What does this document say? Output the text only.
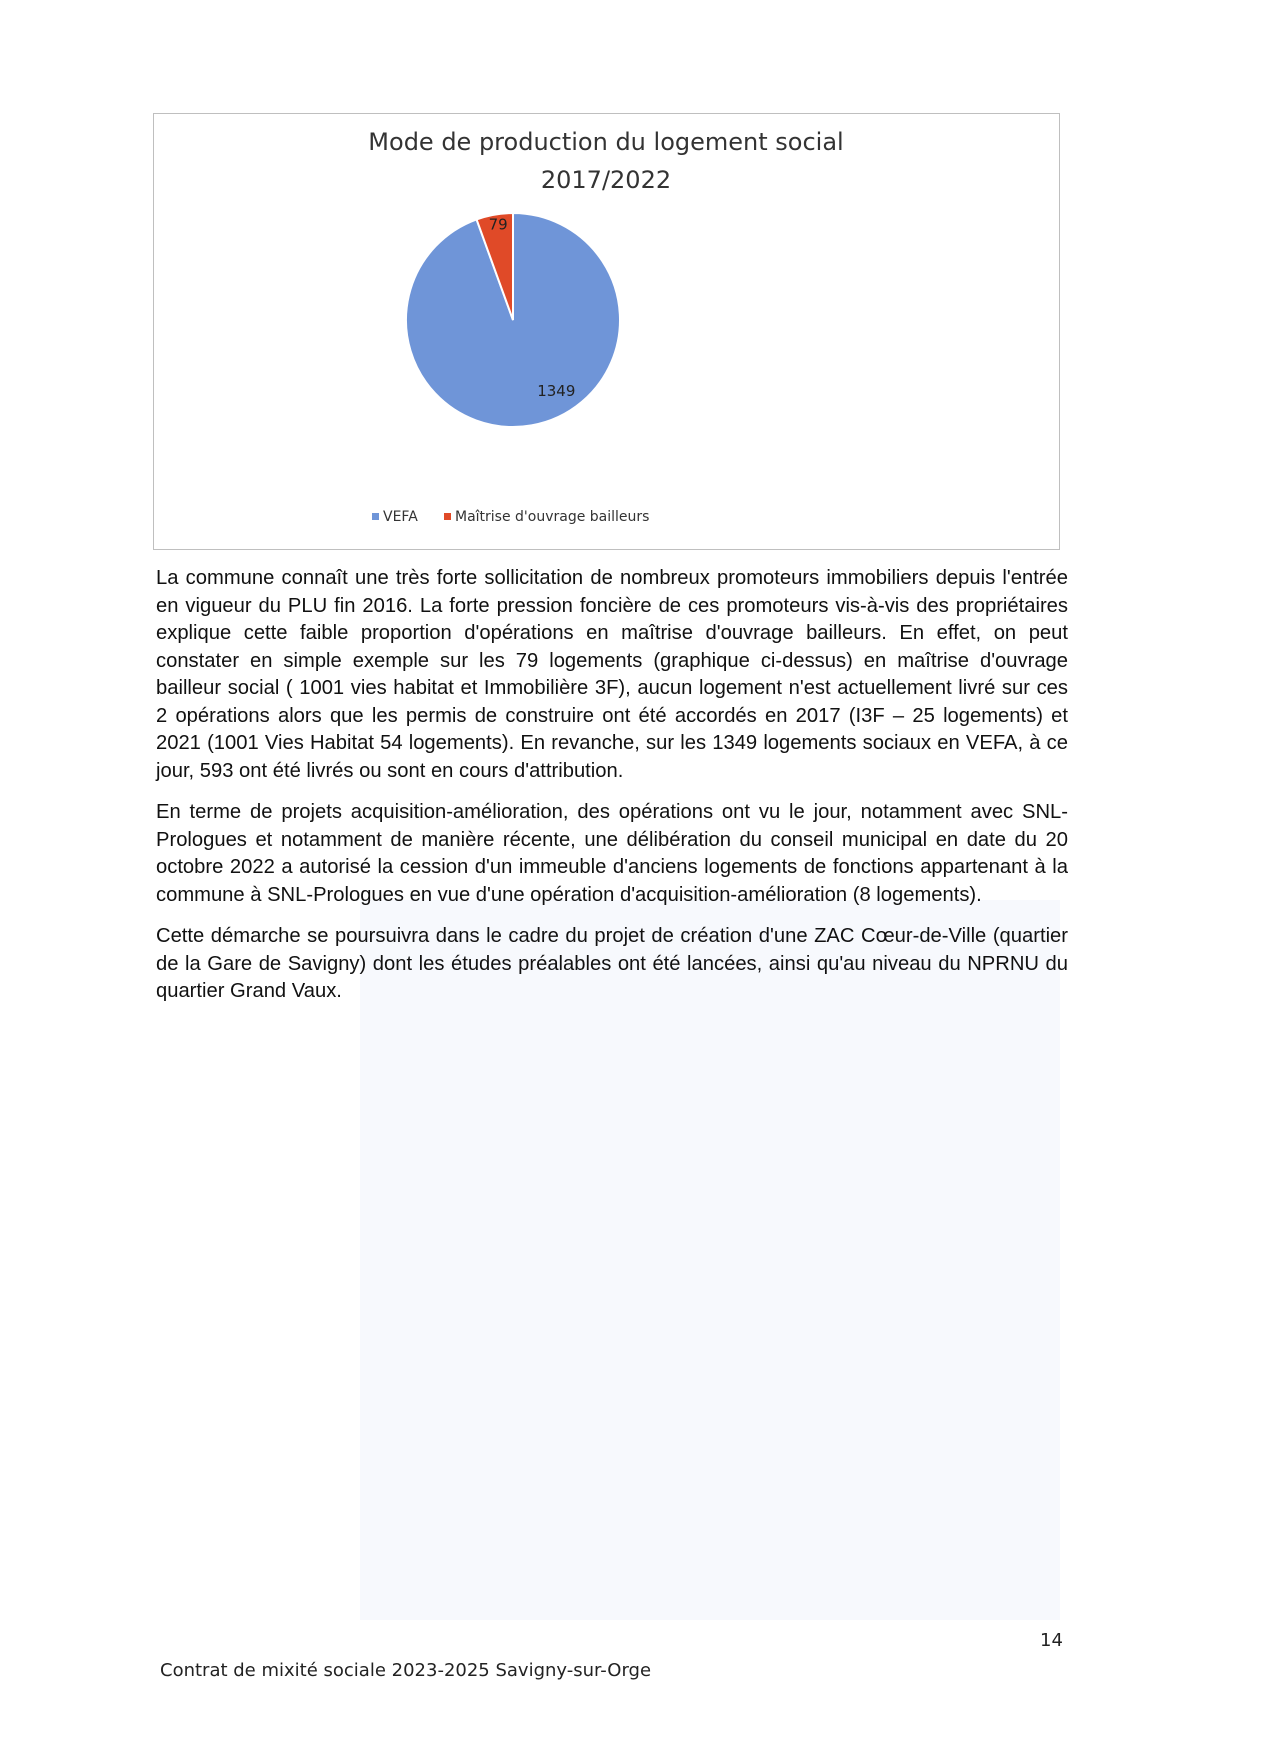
Mode de production du logement social
2017/2022
1349
79
VEFA	Maîtrise d'ouvrage bailleurs

La commune connaît une très forte sollicitation de nombreux promoteurs immobiliers depuis l'entrée en vigueur du PLU fin 2016. La forte pression foncière de ces promoteurs vis-à-vis des propriétaires explique cette faible proportion d'opérations en maîtrise d'ouvrage bailleurs. En effet, on peut constater en simple exemple sur les 79 logements (graphique ci-dessus) en maîtrise d'ouvrage bailleur social ( 1001 vies habitat et Immobilière 3F), aucun logement n'est actuellement livré sur ces 2 opérations alors que les permis de construire ont été accordés en 2017 (I3F – 25 logements) et 2021 (1001 Vies Habitat 54 logements). En revanche, sur les 1349 logements sociaux en VEFA, à ce jour, 593 ont été livrés ou sont en cours d'attribution.

En terme de projets acquisition-amélioration, des opérations ont vu le jour, notamment avec SNL-Prologues et notamment de manière récente, une délibération du conseil municipal en date du 20 octobre 2022 a autorisé la cession d'un immeuble d'anciens logements de fonctions appartenant à la commune à SNL-Prologues en vue d'une opération d'acquisition-amélioration (8 logements).

Cette démarche se poursuivra dans le cadre du projet de création d'une ZAC Cœur-de-Ville (quartier de la Gare de Savigny) dont les études préalables ont été lancées, ainsi qu'au niveau du NPRNU du quartier Grand Vaux.

14
Contrat de mixité sociale 2023-2025 Savigny-sur-Orge
